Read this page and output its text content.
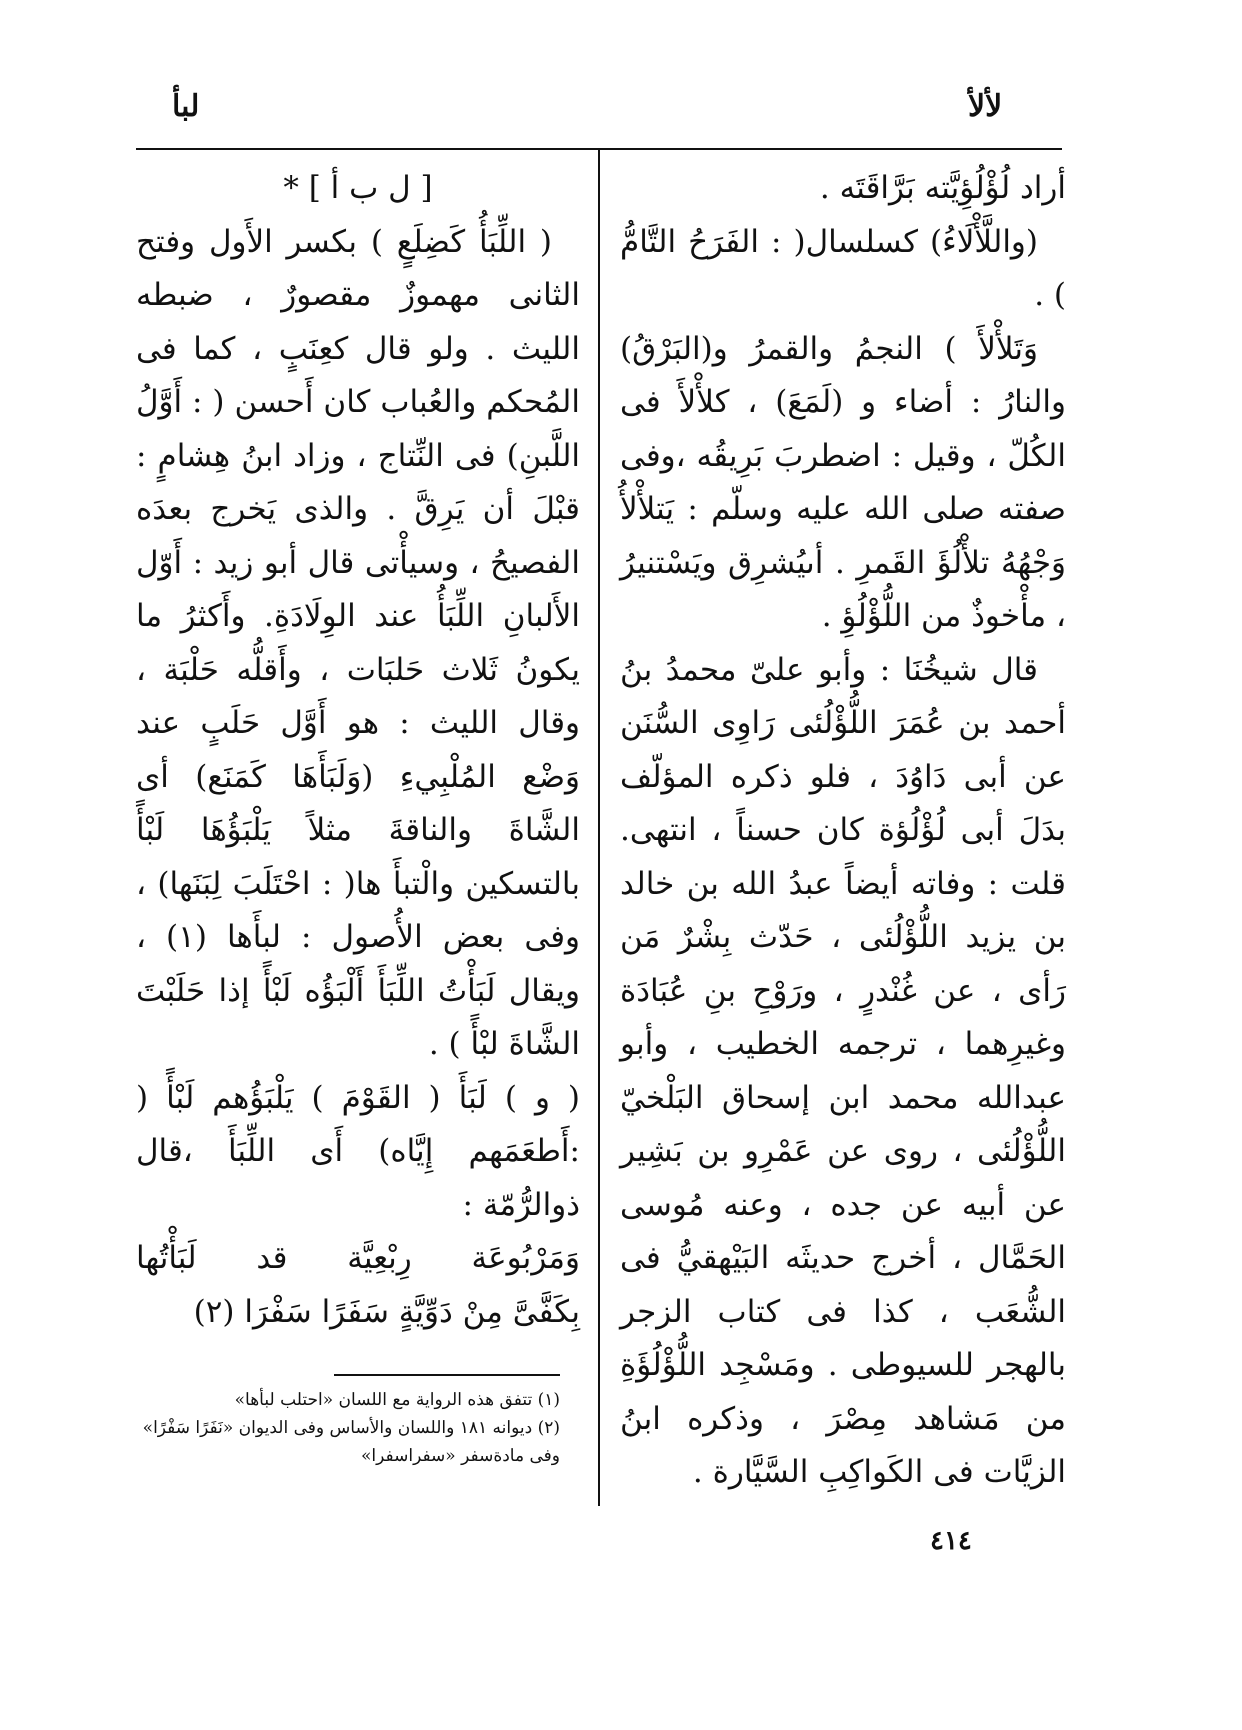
لبأ	لألأ

أراد لُؤْلُؤِيَّته بَرَّاقَتَه .

(واللَّأْلَاءُ) كسلسال( : الفَرَحُ التَّامُّ ) .

وَتَلأْلأَ ) النجمُ والقمرُ و(البَرْقُ) والنارُ : أضاء و (لَمَعَ) ، كلأْلأَ فى الكُلّ ، وقيل : اضطربَ بَرِيقُه ،وفى صفته صلى الله عليه وسلّم : يَتلأْلأُ وَجْهُهُ تلأْلُؤَ القَمرِ . أىيُشرِق ويَسْتنيرُ ، مأْخوذٌ من اللُّؤْلُؤِ .

قال شيخُنَا : وأبو علىّ محمدُ بنُ أحمد بن عُمَرَ اللُّؤْلُئى رَاوِى السُّنَن عن أبى دَاوُدَ ، فلو ذكره المؤلّف بدَلَ أبى لُؤْلُؤة كان حسناً ، انتهى. قلت : وفاته أيضاً عبدُ الله بن خالد بن يزيد اللُّؤْلُئى ، حَدّث بِشْرٌ مَن رَأى ، عن غُنْدرٍ ، ورَوْحِ بنِ عُبَادَة وغيرِهما ، ترجمه الخطيب ، وأبو عبدالله محمد ابن إسحاق البَلْخيّ اللُّؤْلُئى ، روى عن عَمْرِو بن بَشِير عن أبيه عن جده ، وعنه مُوسى الحَمَّال ، أخرج حديثَه البَيْهقيُّ فى الشُّعَب ، كذا فى كتاب الزجر بالهجر للسيوطى . ومَسْجِد اللُّؤْلُؤَةِ من مَشاهد مِصْرَ ، وذكره ابنُ الزيَّات فى الكَواكِبِ السَّيَّارة .

[ ل ب أ ] *

( اللِّبَأُ كَضِلَعٍ ) بكسر الأَول وفتح الثانى مهموزٌ مقصورٌ ، ضبطه الليث . ولو قال كعِنَبٍ ، كما فى المُحكم والعُباب كان أَحسن ( : أَوَّلُ اللَّبنِ) فى النِّتاج ، وزاد ابنُ هِشامٍ : قبْلَ أن يَرِقَّ . والذى يَخرج بعدَه الفصيحُ ، وسيأْتى قال أبو زيد : أَوّل الأَلبانِ اللِّبَأُ عند الوِلَادَةِ. وأَكثرُ ما يكونُ ثَلاث حَلبَات ، وأَقلُّه حَلْبَة ، وقال الليث : هو أَوَّل حَلَبٍ عند وَضْع المُلْبِيءِ (وَلَبَأَهَا كَمَنَع) أى الشَّاةَ والناقةَ مثلاً يَلْبَؤُهَا لَبْأً بالتسكين والْتبأَ ها( : احْتَلَبَ لِبَنَها) ، وفى بعض الأُصول : لبأَها (١) ، ويقال لَبَأْتُ اللِّبَأَ أَلْبَؤُه لَبْأً إذا حَلَبْتَ الشَّاةَ لبْأً ) .

( و ) لَبَأَ ( القَوْمَ ) يَلْبَؤُهم لَبْأً ( :أَطعَمَهم إِيَّاه) أَى اللِّبَأَ ،قال ذوالرُّمّة :

وَمَرْبُوعَة رِبْعِيَّة قد لَبَأْتُها

بِكَفَّىَّ مِنْ دَوِّيَّةٍ سَفَرًا سَفْرَا (٢)

(١) تتفق هذه الرواية مع اللسان «احتلب لبأها»

(٢) ديوانه ١٨١ واللسان والأساس وفى الديوان «نَفَرًا سَفْرًا» وفى مادةسفر «سفراسفرا»

٤١٤
